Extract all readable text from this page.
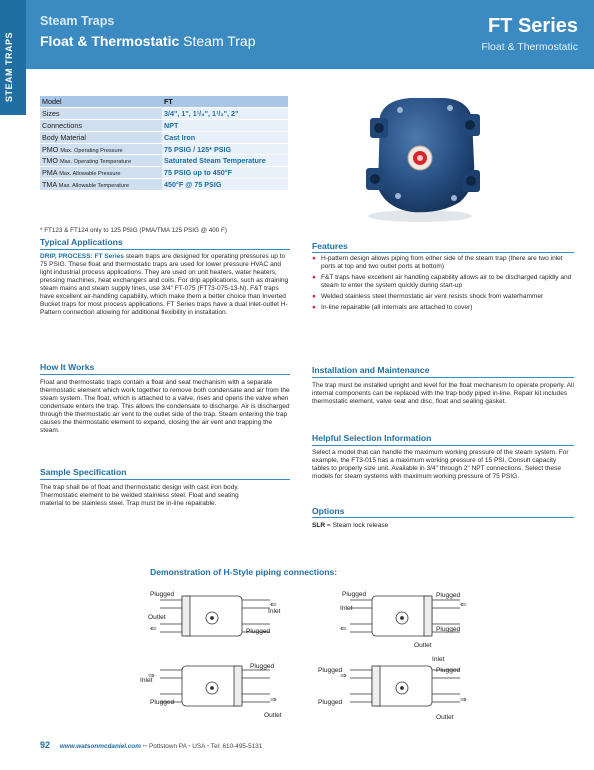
STEAM TRAPS
Steam Traps
Float & Thermostatic Steam Trap
FT Series
Float & Thermostatic
Model	FT
Sizes	3/4", 1", 1¹/₄", 1¹/₂", 2"
Connections	NPT
Body Material	Cast Iron
PMO Max. Operating Pressure	75 PSIG / 125* PSIG
TMO Max. Operating Temperature	Saturated Steam Temperature
PMA Max. Allowable Pressure	75 PSIG up to 450°F
TMA Max. Allowable Temperature	450°F @ 75 PSIG
* FT123 & FT124 only to 125 PSIG (PMA/TMA 125 PSIG @ 400 F)
Typical Applications
DRIP, PROCESS: FT Series steam traps are designed for operating pressures up to 75 PSIG. These float and thermostatic traps are used for lower pressure HVAC and light industrial process applications. They are used on unit heaters, water heaters, pressing machines, heat exchangers and coils. For drip applications, such as draining steam mains and steam supply lines, use 3/4" FT-075 (FT73-075-13-N). F&T traps have excellent air-handling capability, which make them a better choice than Inverted Bucket traps for most process applications. FT Series traps have a dual inlet-outlet H-Pattern connection allowing for additional flexibility in installation.
How It Works
Float and thermostatic traps contain a float and seat mechanism with a separate thermostatic element which work together to remove both condensate and air from the steam system. The float, which is attached to a valve, rises and opens the valve when condensate enters the trap. This allows the condensate to discharge. Air is discharged through the thermostatic air vent to the outlet side of the trap. Steam entering the trap causes the thermostatic element to expand, closing the air vent and trapping the steam.
Sample Specification
The trap shall be of float and thermostatic design with cast iron body. Thermostatic element to be welded stainless steel. Float and seating material to be stainless steel. Trap must be in-line repairable.
Features
● H-pattern design allows piping from either side of the steam trap (there are two inlet ports at top and two outlet ports at bottom)
● F&T traps have excellent air handling capability allows air to be discharged rapidly and steam to enter the system quickly during start-up
● Welded stainless steel thermostatic air vent resists shock from waterhammer
● In-line repairable (all internals are attached to cover)
Installation and Maintenance
The trap must be installed upright and level for the float mechanism to operate properly. All internal components can be replaced with the trap body piped in-line. Repair kit includes thermostatic element, valve seat and disc, float and sealing gasket.
Helpful Selection Information
Select a model that can handle the maximum working pressure of the steam system. For example, the FT3-015 has a maximum working pressure of 15 PSI. Consult capacity tables to properly size unit. Available in 3/4" through 2" NPT connections. Select these models for steam systems with maximum working pressure of 75 PSIG.
Options
SLR = Steam lock release
Demonstration of H-Style piping connections:
⇐
⇐
⇒
⇒
⇐
⇐
⇒
⇒
Plugged
Outlet
Inlet
Plugged
Plugged
Inlet
Plugged
Outlet
Plugged	Plugged
Inlet
Plugged
Outlet
Inlet
Plugged	Plugged
Plugged
Outlet
92 www.watsonmcdaniel.com •• Pottstown PA • USA • Tel: 610-495-5131
